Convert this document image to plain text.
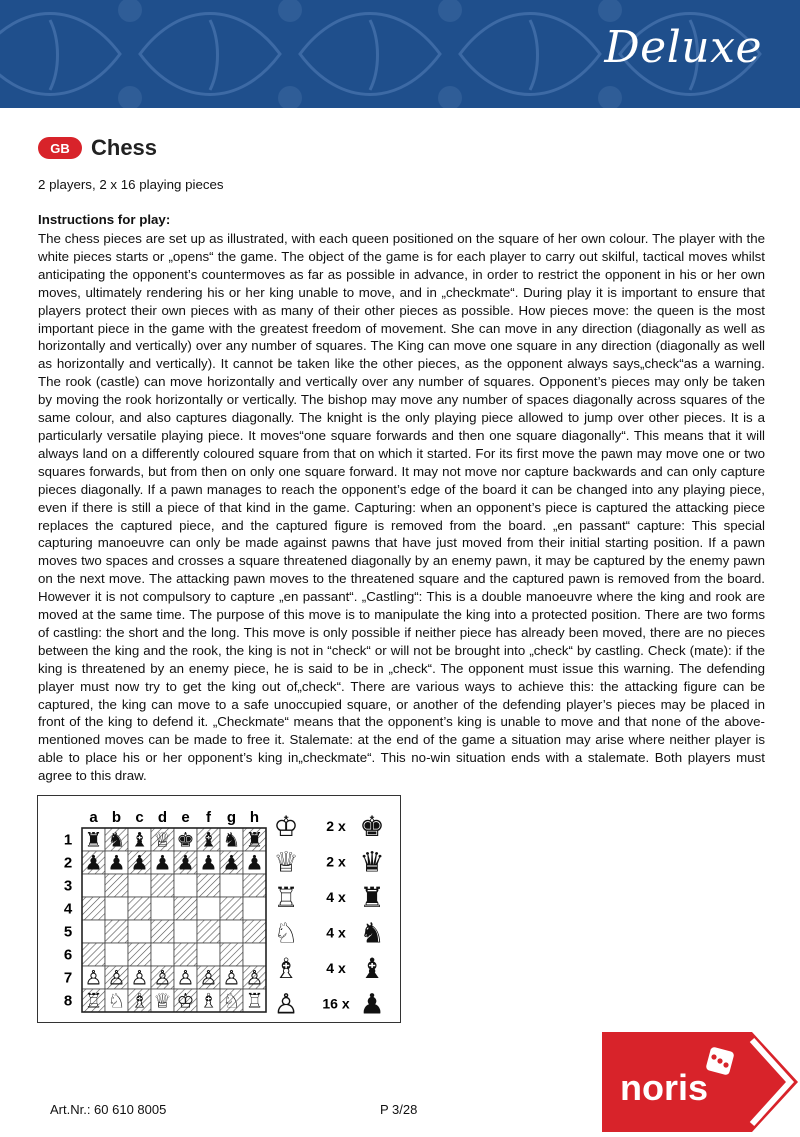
Deluxe
GB Chess
2 players, 2 x 16 playing pieces
Instructions for play:
The chess pieces are set up as illustrated, with each queen positioned on the square of her own colour. The player with the white pieces starts or „opens“ the game. The object of the game is for each player to carry out skilful, tactical moves whilst anticipating the opponent’s countermoves as far as possible in advance, in order to restrict the opponent in his or her own moves, ultimately rendering his or her king unable to move, and in „checkmate“. During play it is important to ensure that players protect their own pieces with as many of their other pieces as possible. How pieces move: the queen is the most important piece in the game with the greatest freedom of movement. She can move in any direction (diagonally as well as horizontally and vertically) over any number of squares. The King can move one square in any direction (diagonally as well as horizontally and vertically). It cannot be taken like the other pieces, as the opponent always says„check“as a warning. The rook (castle) can move horizontally and vertically over any number of squares. Opponent’s pieces may only be taken by moving the rook horizontally or vertically. The bishop may move any number of spaces diagonally across squares of the same colour, and also captures diagonally. The knight is the only playing piece allowed to jump over other pieces. It is a particularly versatile playing piece. It moves“one square forwards and then one square diagonally“. This means that it will always land on a differently coloured square from that on which it started. For its first move the pawn may move one or two squares forwards, but from then on only one square forward. It may not move nor capture backwards and can only capture pieces diagonally. If a pawn manages to reach the opponent’s edge of the board it can be changed into any playing piece, even if there is still a piece of that kind in the game. Capturing: when an opponent’s piece is captured the attacking piece replaces the captured piece, and the captured figure is removed from the board. „en passant“ capture: This special capturing manoeuvre can only be made against pawns that have just moved from their initial starting position. If a pawn moves two spaces and crosses a square threatened diagonally by an enemy pawn, it may be captured by the enemy pawn on the next move. The attacking pawn moves to the threatened square and the captured pawn is removed from the board. However it is not compulsory to capture „en passant“. „Castling“: This is a double manoeuvre where the king and rook are moved at the same time. The purpose of this move is to manipulate the king into a protected position. There are two forms of castling: the short and the long. This move is only possible if neither piece has already been moved, there are no pieces between the king and the rook, the king is not in “check“ or will not be brought into „check“ by castling. Check (mate): if the king is threatened by an enemy piece, he is said to be in „check“. The opponent must issue this warning. The defending player must now try to get the king out of„check“. There are various ways to achieve this: the attacking figure can be captured, the king can move to a safe unoccupied square, or another of the defending player’s pieces may be placed in front of the king to defend it. „Checkmate“ means that the opponent’s king is unable to move and that none of the above-mentioned moves can be made to free it. Stalemate: at the end of the game a situation may arise where neither player is able to place his or her opponent’s king in„checkmate“. This no-win situation ends with a stalemate. Both players must agree to this draw.
a b c d e f g h
1
2
3
4
5
6
7
8
♜ ♞ ♝ ♕ ♚ ♝ ♞ ♜
♟ ♟ ♟ ♟ ♟ ♟ ♟ ♟
♙ ♙ ♙ ♙ ♙ ♙ ♙ ♙
♖ ♘ ♗ ♕ ♔ ♗ ♘ ♖
♔ 2 x ♚
♕ 2 x ♛
♖ 4 x ♜
♘ 4 x ♞
♗ 4 x ♝
♙ 16 x ♟
noris
Art.Nr.: 60 610 8005	P 3/28
